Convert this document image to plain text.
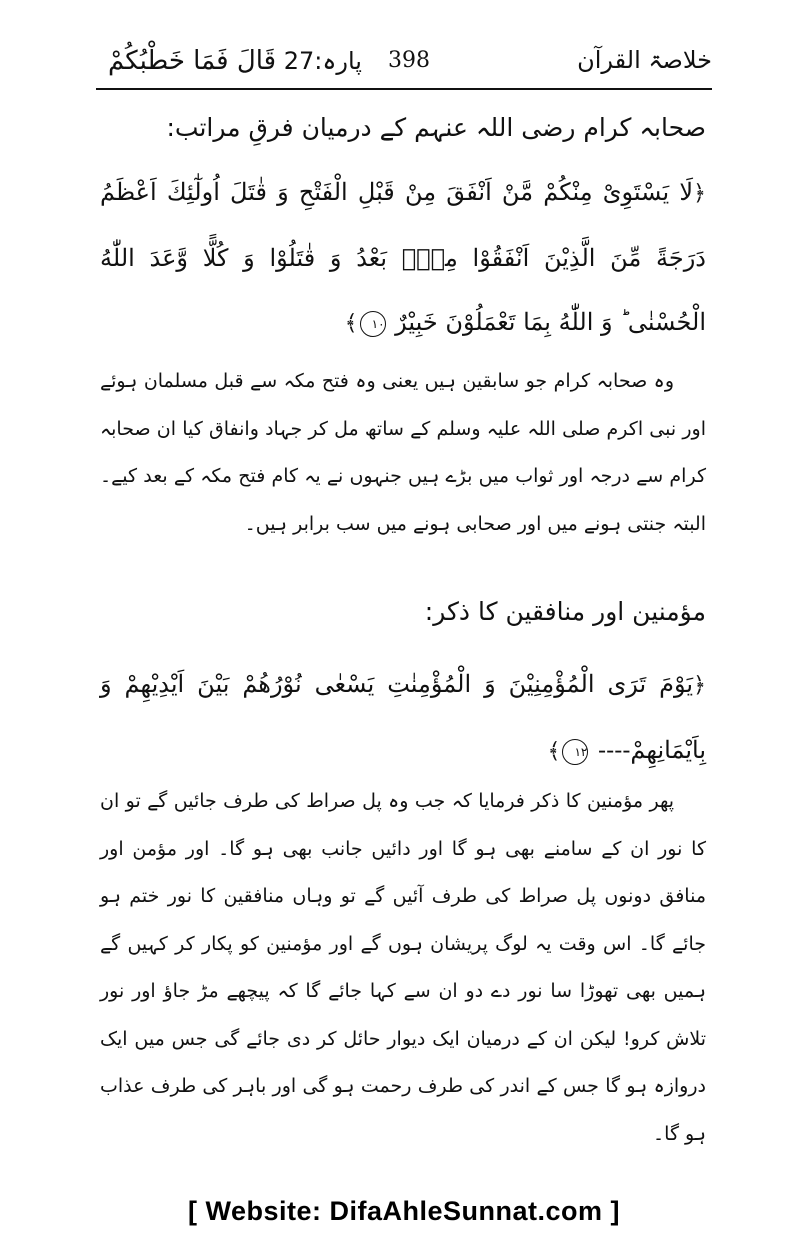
پارہ:27 قَالَ فَمَا خَطْبُكُمْ	398	خلاصۃ القرآن
صحابہ کرام رضی اللہ عنہم کے درمیان فرقِ مراتب:
﴿لَا يَسْتَوِىْ مِنْكُمْ مَّنْ اَنْفَقَ مِنْ قَبْلِ الْفَتْحِ وَ قٰتَلَ اُولٰٓئِكَ اَعْظَمُ دَرَجَةً مِّنَ الَّذِيْنَ اَنْفَقُوْا مِنْۢ بَعْدُ وَ قٰتَلُوْا وَ كُلًّا وَّعَدَ اللّٰهُ الْحُسْنٰى ؕ وَ اللّٰهُ بِمَا تَعْمَلُوْنَ خَبِيْرٌ ١٠﴾
وہ صحابہ کرام جو سابقین ہیں یعنی وہ فتح مکہ سے قبل مسلمان ہوئے اور نبی اکرم صلی اللہ علیہ وسلم کے ساتھ مل کر جہاد وانفاق کیا ان صحابہ کرام سے درجہ اور ثواب میں بڑے ہیں جنہوں نے یہ کام فتح مکہ کے بعد کیے۔ البتہ جنتی ہونے میں اور صحابی ہونے میں سب برابر ہیں۔
مؤمنین اور منافقین کا ذکر:
﴿يَوْمَ تَرَى الْمُؤْمِنِيْنَ وَ الْمُؤْمِنٰتِ يَسْعٰى نُوْرُهُمْ بَيْنَ اَيْدِيْهِمْ وَ بِاَيْمَانِهِمْ---- ١٢﴾
پھر مؤمنین کا ذکر فرمایا کہ جب وہ پل صراط کی طرف جائیں گے تو ان کا نور ان کے سامنے بھی ہو گا اور دائیں جانب بھی ہو گا۔ اور مؤمن اور منافق دونوں پل صراط کی طرف آئیں گے تو وہاں منافقین کا نور ختم ہو جائے گا۔ اس وقت یہ لوگ پریشان ہوں گے اور مؤمنین کو پکار کر کہیں گے ہمیں بھی تھوڑا سا نور دے دو ان سے کہا جائے گا کہ پیچھے مڑ جاؤ اور نور تلاش کرو! لیکن ان کے درمیان ایک دیوار حائل کر دی جائے گی جس میں ایک دروازہ ہو گا جس کے اندر کی طرف رحمت ہو گی اور باہر کی طرف عذاب ہو گا۔
[ Website: DifaAhleSunnat.com ]
